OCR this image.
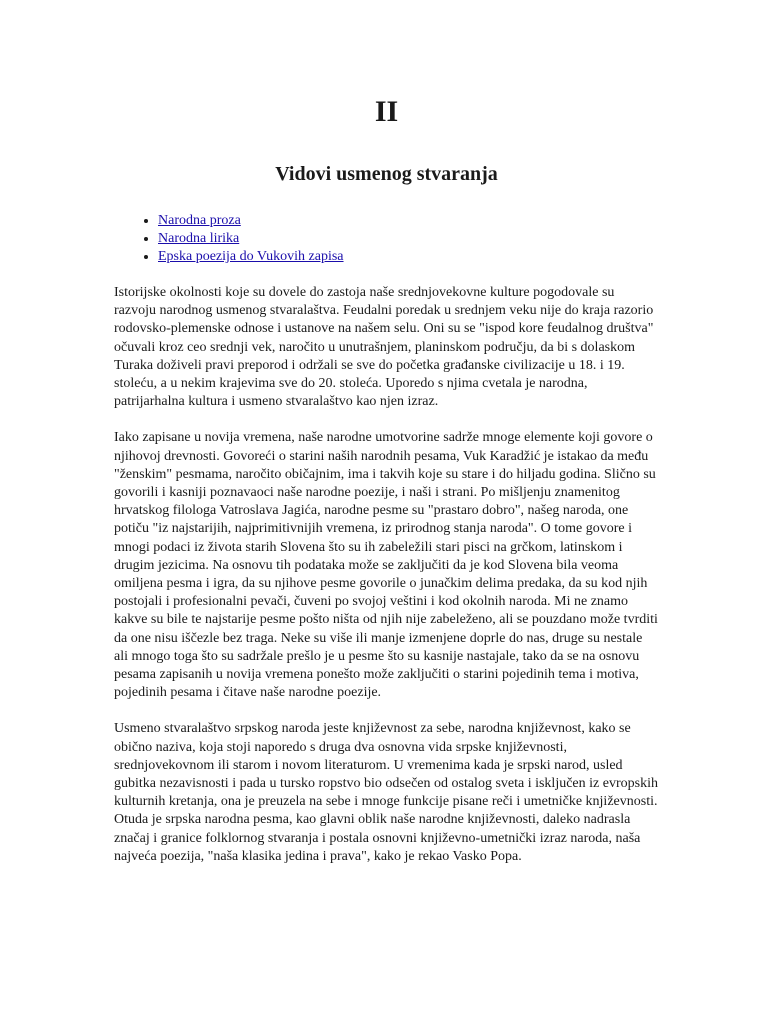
II
Vidovi usmenog stvaranja
• Narodna proza
• Narodna lirika
• Epska poezija do Vukovih zapisa

Istorijske okolnosti koje su dovele do zastoja naše srednjovekovne kulture pogodovale su razvoju narodnog usmenog stvaralaštva. Feudalni poredak u srednjem veku nije do kraja razorio rodovsko-plemenske odnose i ustanove na našem selu. Oni su se "ispod kore feudalnog društva" očuvali kroz ceo srednji vek, naročito u unutrašnjem, planinskom području, da bi s dolaskom Turaka doživeli pravi preporod i održali se sve do početka građanske civilizacije u 18. i 19. stoleću, a u nekim krajevima sve do 20. stoleća. Uporedo s njima cvetala je narodna, patrijarhalna kultura i usmeno stvaralaštvo kao njen izraz.

Iako zapisane u novija vremena, naše narodne umotvorine sadrže mnoge elemente koji govore o njihovoj drevnosti. Govoreći o starini naših narodnih pesama, Vuk Karadžić je istakao da među "ženskim" pesmama, naročito običajnim, ima i takvih koje su stare i do hiljadu godina. Slično su govorili i kasniji poznavaoci naše narodne poezije, i naši i strani. Po mišljenju znamenitog hrvatskog filologa Vatroslava Jagića, narodne pesme su "prastaro dobro", našeg naroda, one potiču "iz najstarijih, najprimitivnijih vremena, iz prirodnog stanja naroda". O tome govore i mnogi podaci iz života starih Slovena što su ih zabeležili stari pisci na grčkom, latinskom i drugim jezicima. Na osnovu tih podataka može se zaključiti da je kod Slovena bila veoma omiljena pesma i igra, da su njihove pesme govorile o junačkim delima predaka, da su kod njih postojali i profesionalni pevači, čuveni po svojoj veštini i kod okolnih naroda. Mi ne znamo kakve su bile te najstarije pesme pošto ništa od njih nije zabeleženo, ali se pouzdano može tvrditi da one nisu iščezle bez traga. Neke su više ili manje izmenjene doprle do nas, druge su nestale ali mnogo toga što su sadržale prešlo je u pesme što su kasnije nastajale, tako da se na osnovu pesama zapisanih u novija vremena ponešto može zaključiti o starini pojedinih tema i motiva, pojedinih pesama i čitave naše narodne poezije.

Usmeno stvaralaštvo srpskog naroda jeste književnost za sebe, narodna književnost, kako se obično naziva, koja stoji naporedo s druga dva osnovna vida srpske književnosti, srednjovekovnom ili starom i novom literaturom. U vremenima kada je srpski narod, usled gubitka nezavisnosti i pada u tursko ropstvo bio odsečen od ostalog sveta i isključen iz evropskih kulturnih kretanja, ona je preuzela na sebe i mnoge funkcije pisane reči i umetničke književnosti. Otuda je srpska narodna pesma, kao glavni oblik naše narodne književnosti, daleko nadrasla značaj i granice folklornog stvaranja i postala osnovni književno-umetnički izraz naroda, naša najveća poezija, "naša klasika jedina i prava", kako je rekao Vasko Popa.
